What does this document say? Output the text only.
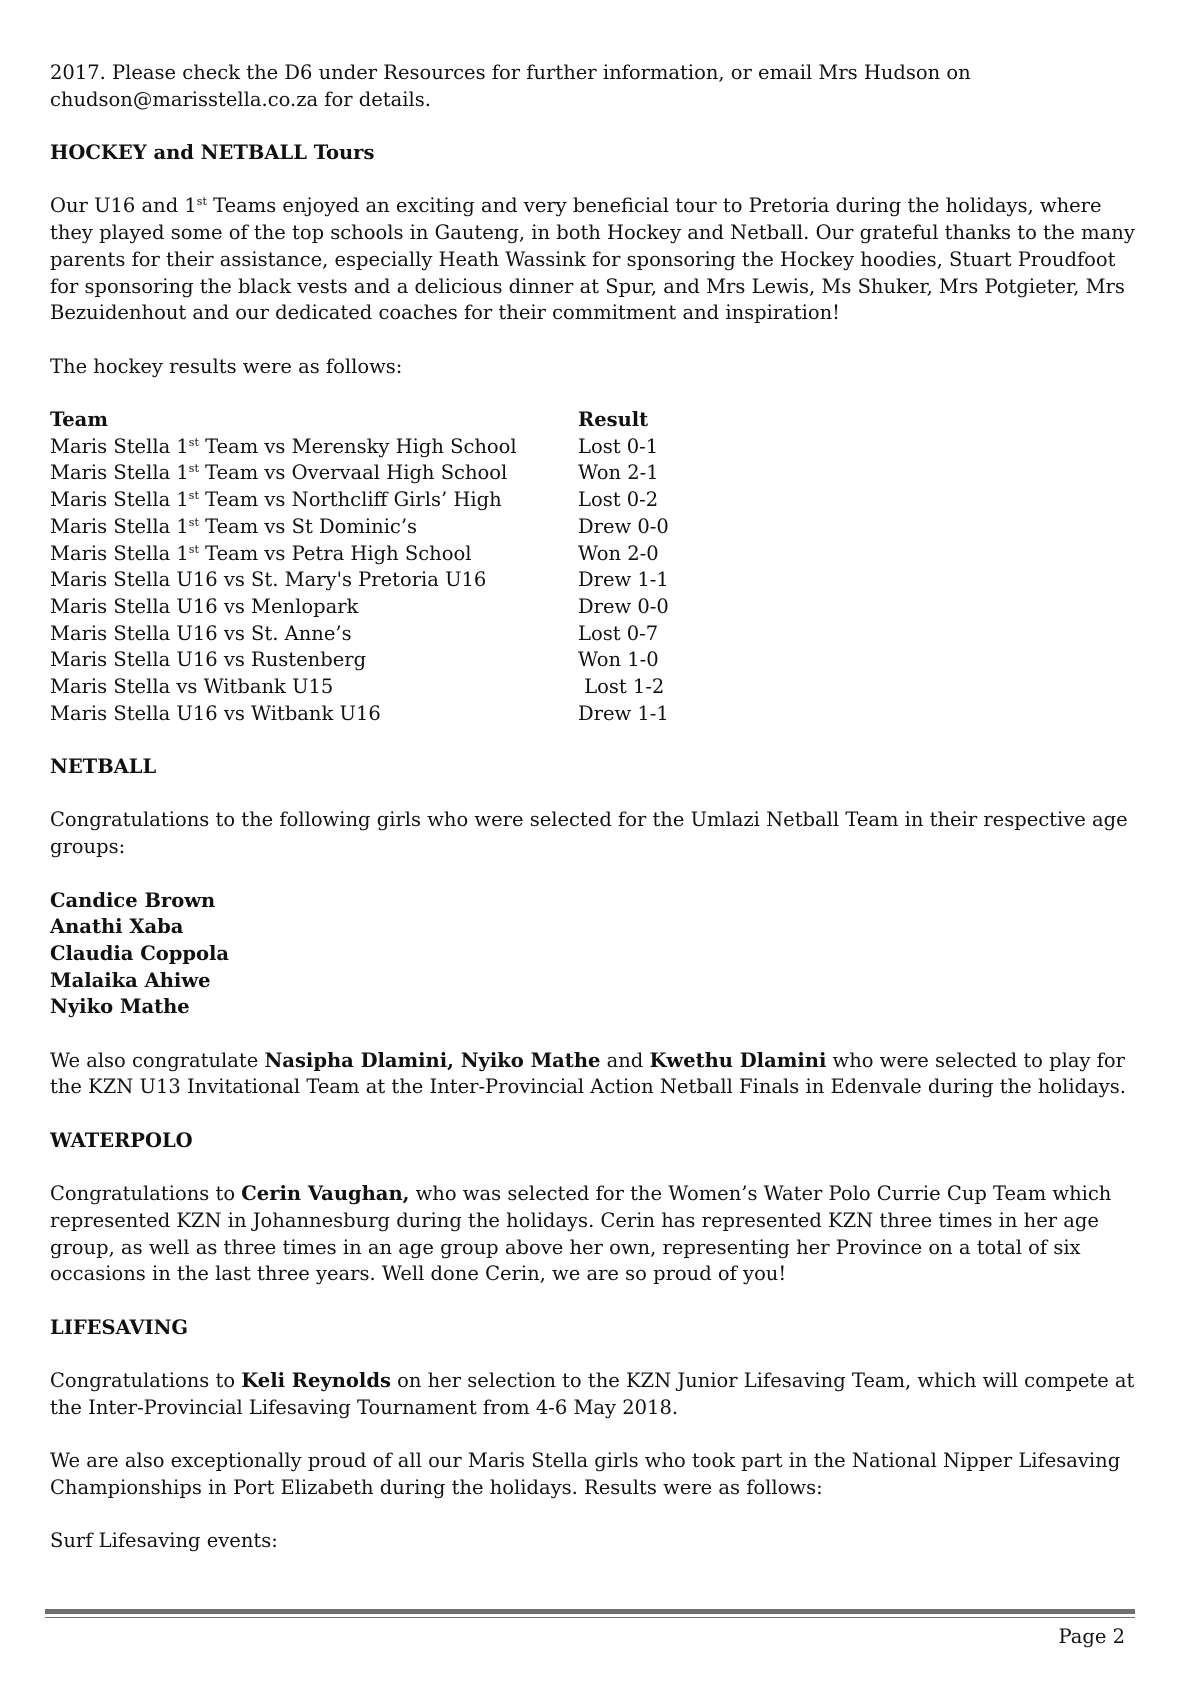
2017. Please check the D6 under Resources for further information, or email Mrs Hudson on
chudson@marisstella.co.za for details.

HOCKEY and NETBALL Tours

Our U16 and 1st Teams enjoyed an exciting and very beneficial tour to Pretoria during the holidays, where they played some of the top schools in Gauteng, in both Hockey and Netball. Our grateful thanks to the many parents for their assistance, especially Heath Wassink for sponsoring the Hockey hoodies, Stuart Proudfoot for sponsoring the black vests and a delicious dinner at Spur, and Mrs Lewis, Ms Shuker, Mrs Potgieter, Mrs Bezuidenhout and our dedicated coaches for their commitment and inspiration!

The hockey results were as follows:

Team	Result
Maris Stella 1st Team vs Merensky High School	Lost 0-1
Maris Stella 1st Team vs Overvaal High School	Won 2-1
Maris Stella 1st Team vs Northcliff Girls’ High	Lost 0-2
Maris Stella 1st Team vs St Dominic’s	Drew 0-0
Maris Stella 1st Team vs Petra High School	Won 2-0
Maris Stella U16 vs St. Mary's Pretoria U16	Drew 1-1
Maris Stella U16 vs Menlopark	Drew 0-0
Maris Stella U16 vs St. Anne’s	Lost 0-7
Maris Stella U16 vs Rustenberg	Won 1-0
Maris Stella vs Witbank U15	Lost 1-2
Maris Stella U16 vs Witbank U16	Drew 1-1
NETBALL

Congratulations to the following girls who were selected for the Umlazi Netball Team in their respective age groups:

Candice Brown
Anathi Xaba
Claudia Coppola
Malaika Ahiwe
Nyiko Mathe

We also congratulate Nasipha Dlamini, Nyiko Mathe and Kwethu Dlamini who were selected to play for the KZN U13 Invitational Team at the Inter-Provincial Action Netball Finals in Edenvale during the holidays.

WATERPOLO

Congratulations to Cerin Vaughan, who was selected for the Women’s Water Polo Currie Cup Team which represented KZN in Johannesburg during the holidays. Cerin has represented KZN three times in her age group, as well as three times in an age group above her own, representing her Province on a total of six occasions in the last three years. Well done Cerin, we are so proud of you!

LIFESAVING

Congratulations to Keli Reynolds on her selection to the KZN Junior Lifesaving Team, which will compete at the Inter-Provincial Lifesaving Tournament from 4-6 May 2018.

We are also exceptionally proud of all our Maris Stella girls who took part in the National Nipper Lifesaving Championships in Port Elizabeth during the holidays. Results were as follows:

Surf Lifesaving events:

Page 2
